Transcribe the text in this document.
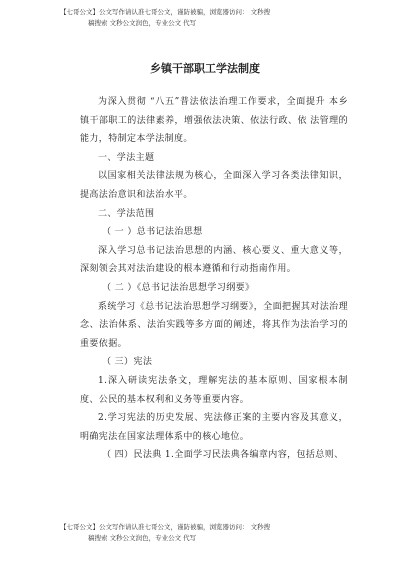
【七哥公文】公文写作请认准七哥公文，谨防被骗，浏览器访问： 文秒搜
稿搜索 文秒公文润色，专业公文 代写
乡镇干部职工学法制度

为深入贯彻 “八五”普法依法治理工作要求，全面提升 本乡镇干部职工的法律素养，增强依法决策、依法行政、依 法管理的能力，特制定本学法制度。

一、学法主题

以国家相关法律法规为核心，全面深入学习各类法律知识，提高法治意识和法治水平。

二、学法范围

（ 一 ）总书记法治思想

深入学习总书记法治思想的内涵、核心要义、重大意义等，深刻领会其对法治建设的根本遵循和行动指南作用。

（ 二 ）《总书记法治思想学习纲要》

系统学习《总书记法治思想学习纲要》，全面把握其对法治理念、法治体系、法治实践等多方面的阐述，将其作为法治学习的重要依据。

（ 三）宪法

1.深入研读宪法条文，理解宪法的基本原则、国家根本制度、公民的基本权利和义务等重要内容。

2.学习宪法的历史发展、宪法修正案的主要内容及其意义，明确宪法在国家法理体系中的核心地位。

（ 四）民法典 1.全面学习民法典各编章内容，包括总则、

【七哥公文】公文写作请认准七哥公文，谨防被骗，浏览器访问： 文秒搜
稿搜索 文秒公文润色，专业公文 代写
